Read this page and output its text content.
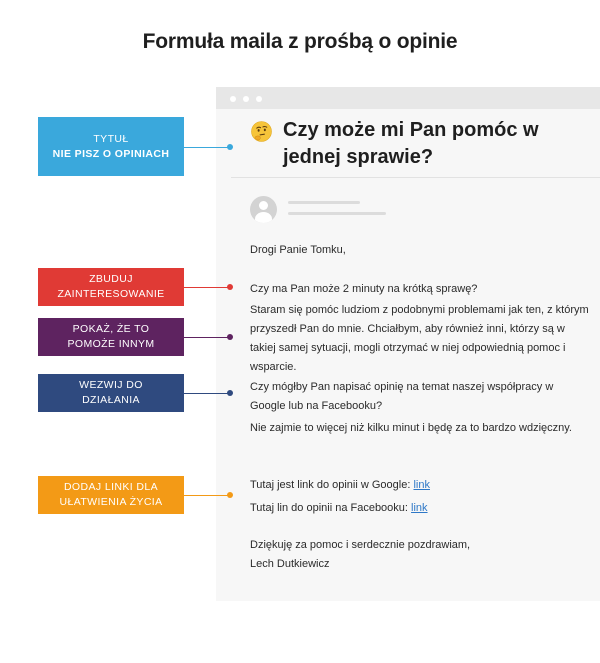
Formuła maila z prośbą o opinie
Czy może mi Pan pomóc w jednej sprawie?
Drogi Panie Tomku,
Czy ma Pan może 2 minuty na krótką sprawę?
Staram się pomóc ludziom z podobnymi problemami jak ten, z którym przyszedł Pan do mnie. Chciałbym, aby również inni, którzy są w takiej samej sytuacji, mogli otrzymać w niej odpowiednią pomoc i wsparcie.
Czy mógłby Pan napisać opinię na temat naszej współpracy w Google lub na Facebooku?
Nie zajmie to więcej niż kilku minut i będę za to bardzo wdzięczny.
Tutaj jest link do opinii w Google: link
Tutaj lin do opinii na Facebooku: link
Dziękuję za pomoc i serdecznie pozdrawiam,
Lech Dutkiewicz
TYTUŁ
NIE PISZ O OPINIACH
ZBUDUJ
ZAINTERESOWANIE
POKAŻ, ŻE TO
POMOŻE INNYM
WEZWIJ DO
DZIAŁANIA
DODAJ LINKI DLA
UŁATWIENIA ŻYCIA
